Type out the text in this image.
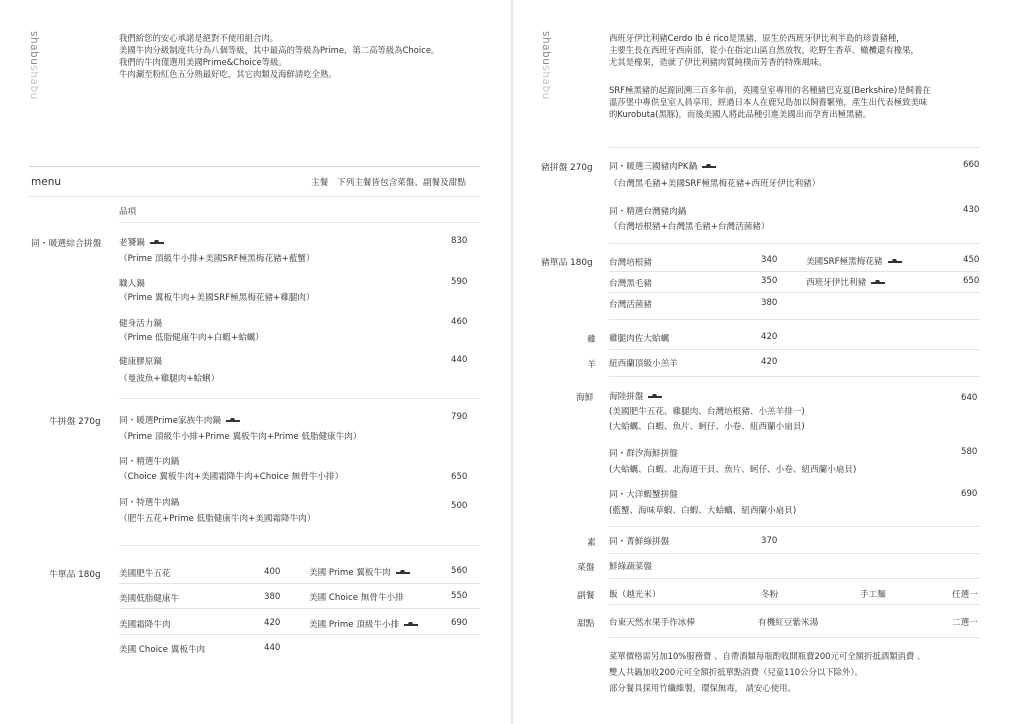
shabushabu
我們給您的安心承諾是絕對不使用組合肉。
美國牛肉分級制度共分為八個等級，其中最高的等級為Prime，第二高等級為Choice。
我們的牛肉僅選用美國Prime&Choice等級。
牛肉涮至粉紅色五分熟最好吃，其它肉類及海鮮請吃全熟。
menu	主餐 下列主餐皆包含菜盤、副餐及甜點
品項
同・暖選綜合拼盤 老饕鍋
（Prime 頂級牛小排+美國SRF極黑梅花豬+藍蟹）
830
職人鍋
（Prime 翼板牛肉+美國SRF極黑梅花豬+雞腿肉）
590
健身活力鍋
（Prime 低脂健康牛肉+白蝦+蛤蠣）
460
健康膠原鍋
（曼波魚+雞腿肉+蛤蜊）
440
牛拼盤 270g 同・暖選Prime家族牛肉鍋
（Prime 頂級牛小排+Prime 翼板牛肉+Prime 低脂健康牛肉）
790
同・精選牛肉鍋
（Choice 翼板牛肉+美國霜降牛肉+Choice 無骨牛小排）	650
同・特選牛肉鍋
（肥牛五花+Prime 低脂健康牛肉+美國霜降牛肉）
500
牛單品 180g 美國肥牛五花	400	美國 Prime 翼板牛肉	560
美國低脂健康牛	380	美國 Choice 無骨牛小排	550
美國霜降牛肉	420	美國 Prime 頂級牛小排	690
美國 Choice 翼板牛肉	440
shabushabu
西班牙伊比利豬Cerdo Ib é rico是黑豬，原生於西班牙伊比利半島的珍貴豬種，
主要生長在西班牙西南部，從小在指定山區自然放牧，吃野生香草、橄欖還有橡果，
尤其是橡果，造就了伊比利豬肉質純樸而芳香的特殊風味。
SRF極黑豬的起源回溯三百多年前，英國皇室專用的名種豬巴克夏(Berkshire)是飼養在
溫莎堡中專供皇室人員享用，經過日本人在鹿兒島加以飼養繁殖，產生出代表極致美味
的Kurobuta(黑豚)，而後美國人將此品種引進美國出而孕育出極黑豬。
豬拼盤 270g 同・暖選三國豬肉PK鍋
（台灣黑毛豬+美國SRF極黑梅花豬+西班牙伊比利豬）
660
同・精選台灣豬肉鍋
（台灣培根豬+台灣黑毛豬+台灣活菌豬）
430
豬單品 180g 台灣培根豬	340	美國SRF極黑梅花豬	450
台灣黑毛豬	350	西班牙伊比利豬	650
台灣活菌豬	380
雞 雞腿肉佐大蛤蠣	420
羊 紐西蘭頂級小羔羊	420
海鮮 海陸拼盤
(美國肥牛五花、雞腿肉、台灣培根豬、小羔羊排一)
(大蛤蠣、白蝦、魚片、蚵仔、小卷、紐西蘭小扇貝)
640
同・群汐海鮮拼盤
(大蛤蠣、白蝦、北海道干貝、魚片、蚵仔、小卷、紐西蘭小扇貝)
580
同・大洋蝦蟹拼盤
(藍蟹、海味草蝦、白蝦、大蛤蠣、紐西蘭小扇貝)
690
素 同・菁鮮綠拼盤	370
菜盤 鮮綠蔬菜盤
副餐 飯（越光米）	冬粉	手工麵	任選一
甜點 台東天然水果手作冰棒	有機紅豆紫米湯	二選一
菜單價格需另加10%服務費 、自帶酒類每瓶酌收開瓶費200元可全額折抵酒類消費 、
雙人共鍋加收200元可全額折抵單點消費（兒童110公分以下除外）。
部分餐具採用竹纖維製，環保無毒， 請安心使用。
